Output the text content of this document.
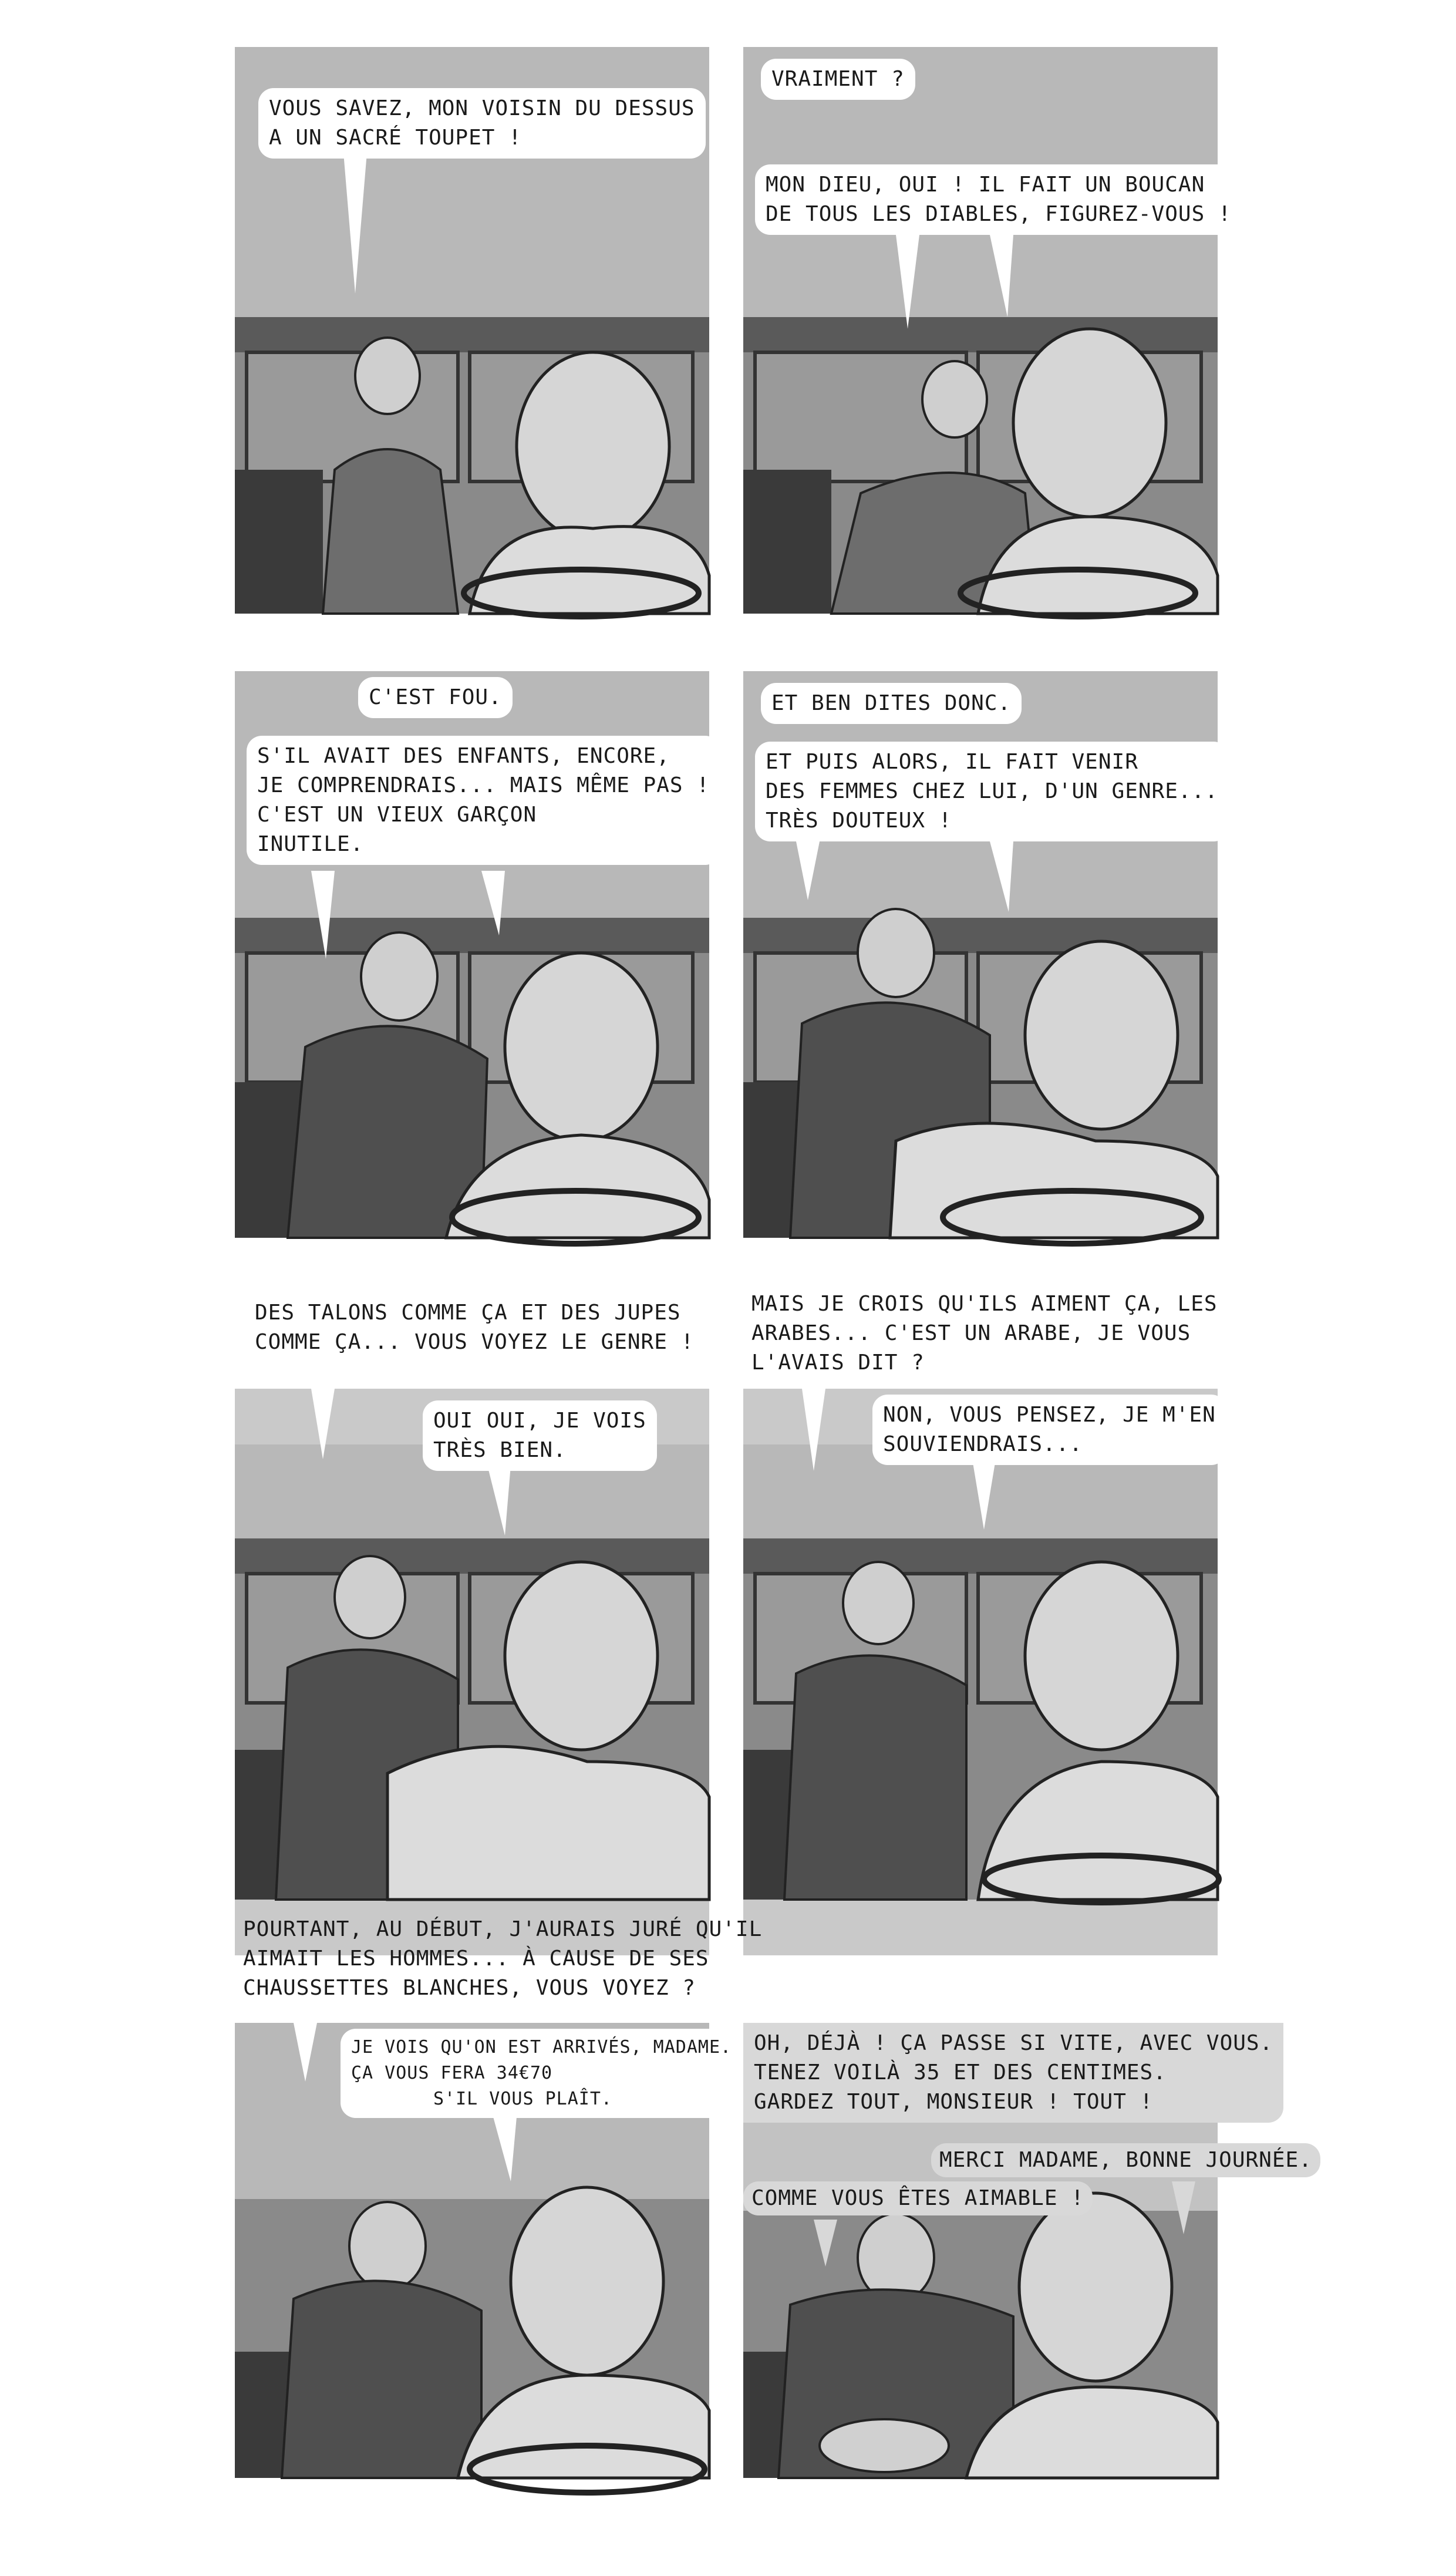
VOUS SAVEZ, MON VOISIN DU DESSUS
A UN SACRÉ TOUPET !
VRAIMENT ?
MON DIEU, OUI ! IL FAIT UN BOUCAN
DE TOUS LES DIABLES, FIGUREZ-VOUS !
C'EST FOU.
S'IL AVAIT DES ENFANTS, ENCORE,
JE COMPRENDRAIS... MAIS MÊME PAS !
C'EST UN VIEUX GARÇON
INUTILE.
ET BEN DITES DONC.
ET PUIS ALORS, IL FAIT VENIR
DES FEMMES CHEZ LUI, D'UN GENRE...
TRÈS DOUTEUX !
DES TALONS COMME ÇA ET DES JUPES
COMME ÇA... VOUS VOYEZ LE GENRE !
OUI OUI, JE VOIS
TRÈS BIEN.
MAIS JE CROIS QU'ILS AIMENT ÇA, LES
ARABES... C'EST UN ARABE, JE VOUS
L'AVAIS DIT ?
NON, VOUS PENSEZ, JE M'EN
SOUVIENDRAIS...
POURTANT, AU DÉBUT, J'AURAIS JURÉ QU'IL
AIMAIT LES HOMMES... À CAUSE DE SES
CHAUSSETTES BLANCHES, VOUS VOYEZ ?
JE VOIS QU'ON EST ARRIVÉS, MADAME.
ÇA VOUS FERA 34€70
S'IL VOUS PLAÎT.
OH, DÉJÀ ! ÇA PASSE SI VITE, AVEC VOUS.
TENEZ VOILÀ 35 ET DES CENTIMES.
GARDEZ TOUT, MONSIEUR ! TOUT !
MERCI MADAME, BONNE JOURNÉE.
COMME VOUS ÊTES AIMABLE !
